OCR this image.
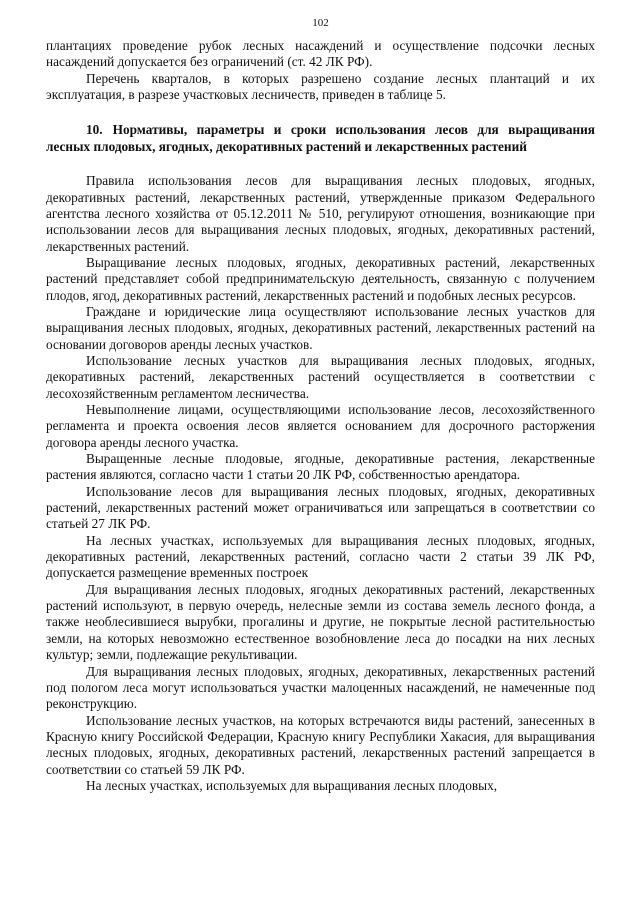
102

плантациях проведение рубок лесных насаждений и осуществление подсочки лесных насаждений допускается без ограничений (ст. 42 ЛК РФ).

Перечень кварталов, в которых разрешено создание лесных плантаций и их эксплуатация, в разрезе участковых лесничеств, приведен в таблице 5.

10. Нормативы, параметры и сроки использования лесов для выращивания лесных плодовых, ягодных, декоративных растений и лекарственных растений

Правила использования лесов для выращивания лесных плодовых, ягодных, декоративных растений, лекарственных растений, утвержденные приказом Федерального агентства лесного хозяйства от 05.12.2011 № 510, регулируют отношения, возникающие при использовании лесов для выращивания лесных плодовых, ягодных, декоративных растений, лекарственных растений.

Выращивание лесных плодовых, ягодных, декоративных растений, лекарственных растений представляет собой предпринимательскую деятельность, связанную с получением плодов, ягод, декоративных растений, лекарственных растений и подобных лесных ресурсов.

Граждане и юридические лица осуществляют использование лесных участков для выращивания лесных плодовых, ягодных, декоративных растений, лекарственных растений на основании договоров аренды лесных участков.

Использование лесных участков для выращивания лесных плодовых, ягодных, декоративных растений, лекарственных растений осуществляется в соответствии с лесохозяйственным регламентом лесничества.

Невыполнение лицами, осуществляющими использование лесов, лесохозяйственного регламента и проекта освоения лесов является основанием для досрочного расторжения договора аренды лесного участка.

Выращенные лесные плодовые, ягодные, декоративные растения, лекарственные растения являются, согласно части 1 статьи 20 ЛК РФ, собственностью арендатора.

Использование лесов для выращивания лесных плодовых, ягодных, декоративных растений, лекарственных растений может ограничиваться или запрещаться в соответствии со статьей 27 ЛК РФ.

На лесных участках, используемых для выращивания лесных плодовых, ягодных, декоративных растений, лекарственных растений, согласно части 2 статьи 39 ЛК РФ, допускается размещение временных построек

Для выращивания лесных плодовых, ягодных декоративных растений, лекарственных растений используют, в первую очередь, нелесные земли из состава земель лесного фонда, а также необлесившиеся вырубки, прогалины и другие, не покрытые лесной растительностью земли, на которых невозможно естественное возобновление леса до посадки на них лесных культур; земли, подлежащие рекультивации.

Для выращивания лесных плодовых, ягодных, декоративных, лекарственных растений под пологом леса могут использоваться участки малоценных насаждений, не намеченные под реконструкцию.

Использование лесных участков, на которых встречаются виды растений, занесенных в Красную книгу Российской Федерации, Красную книгу Республики Хакасия, для выращивания лесных плодовых, ягодных, декоративных растений, лекарственных растений запрещается в соответствии со статьей 59 ЛК РФ.

На лесных участках, используемых для выращивания лесных плодовых,
